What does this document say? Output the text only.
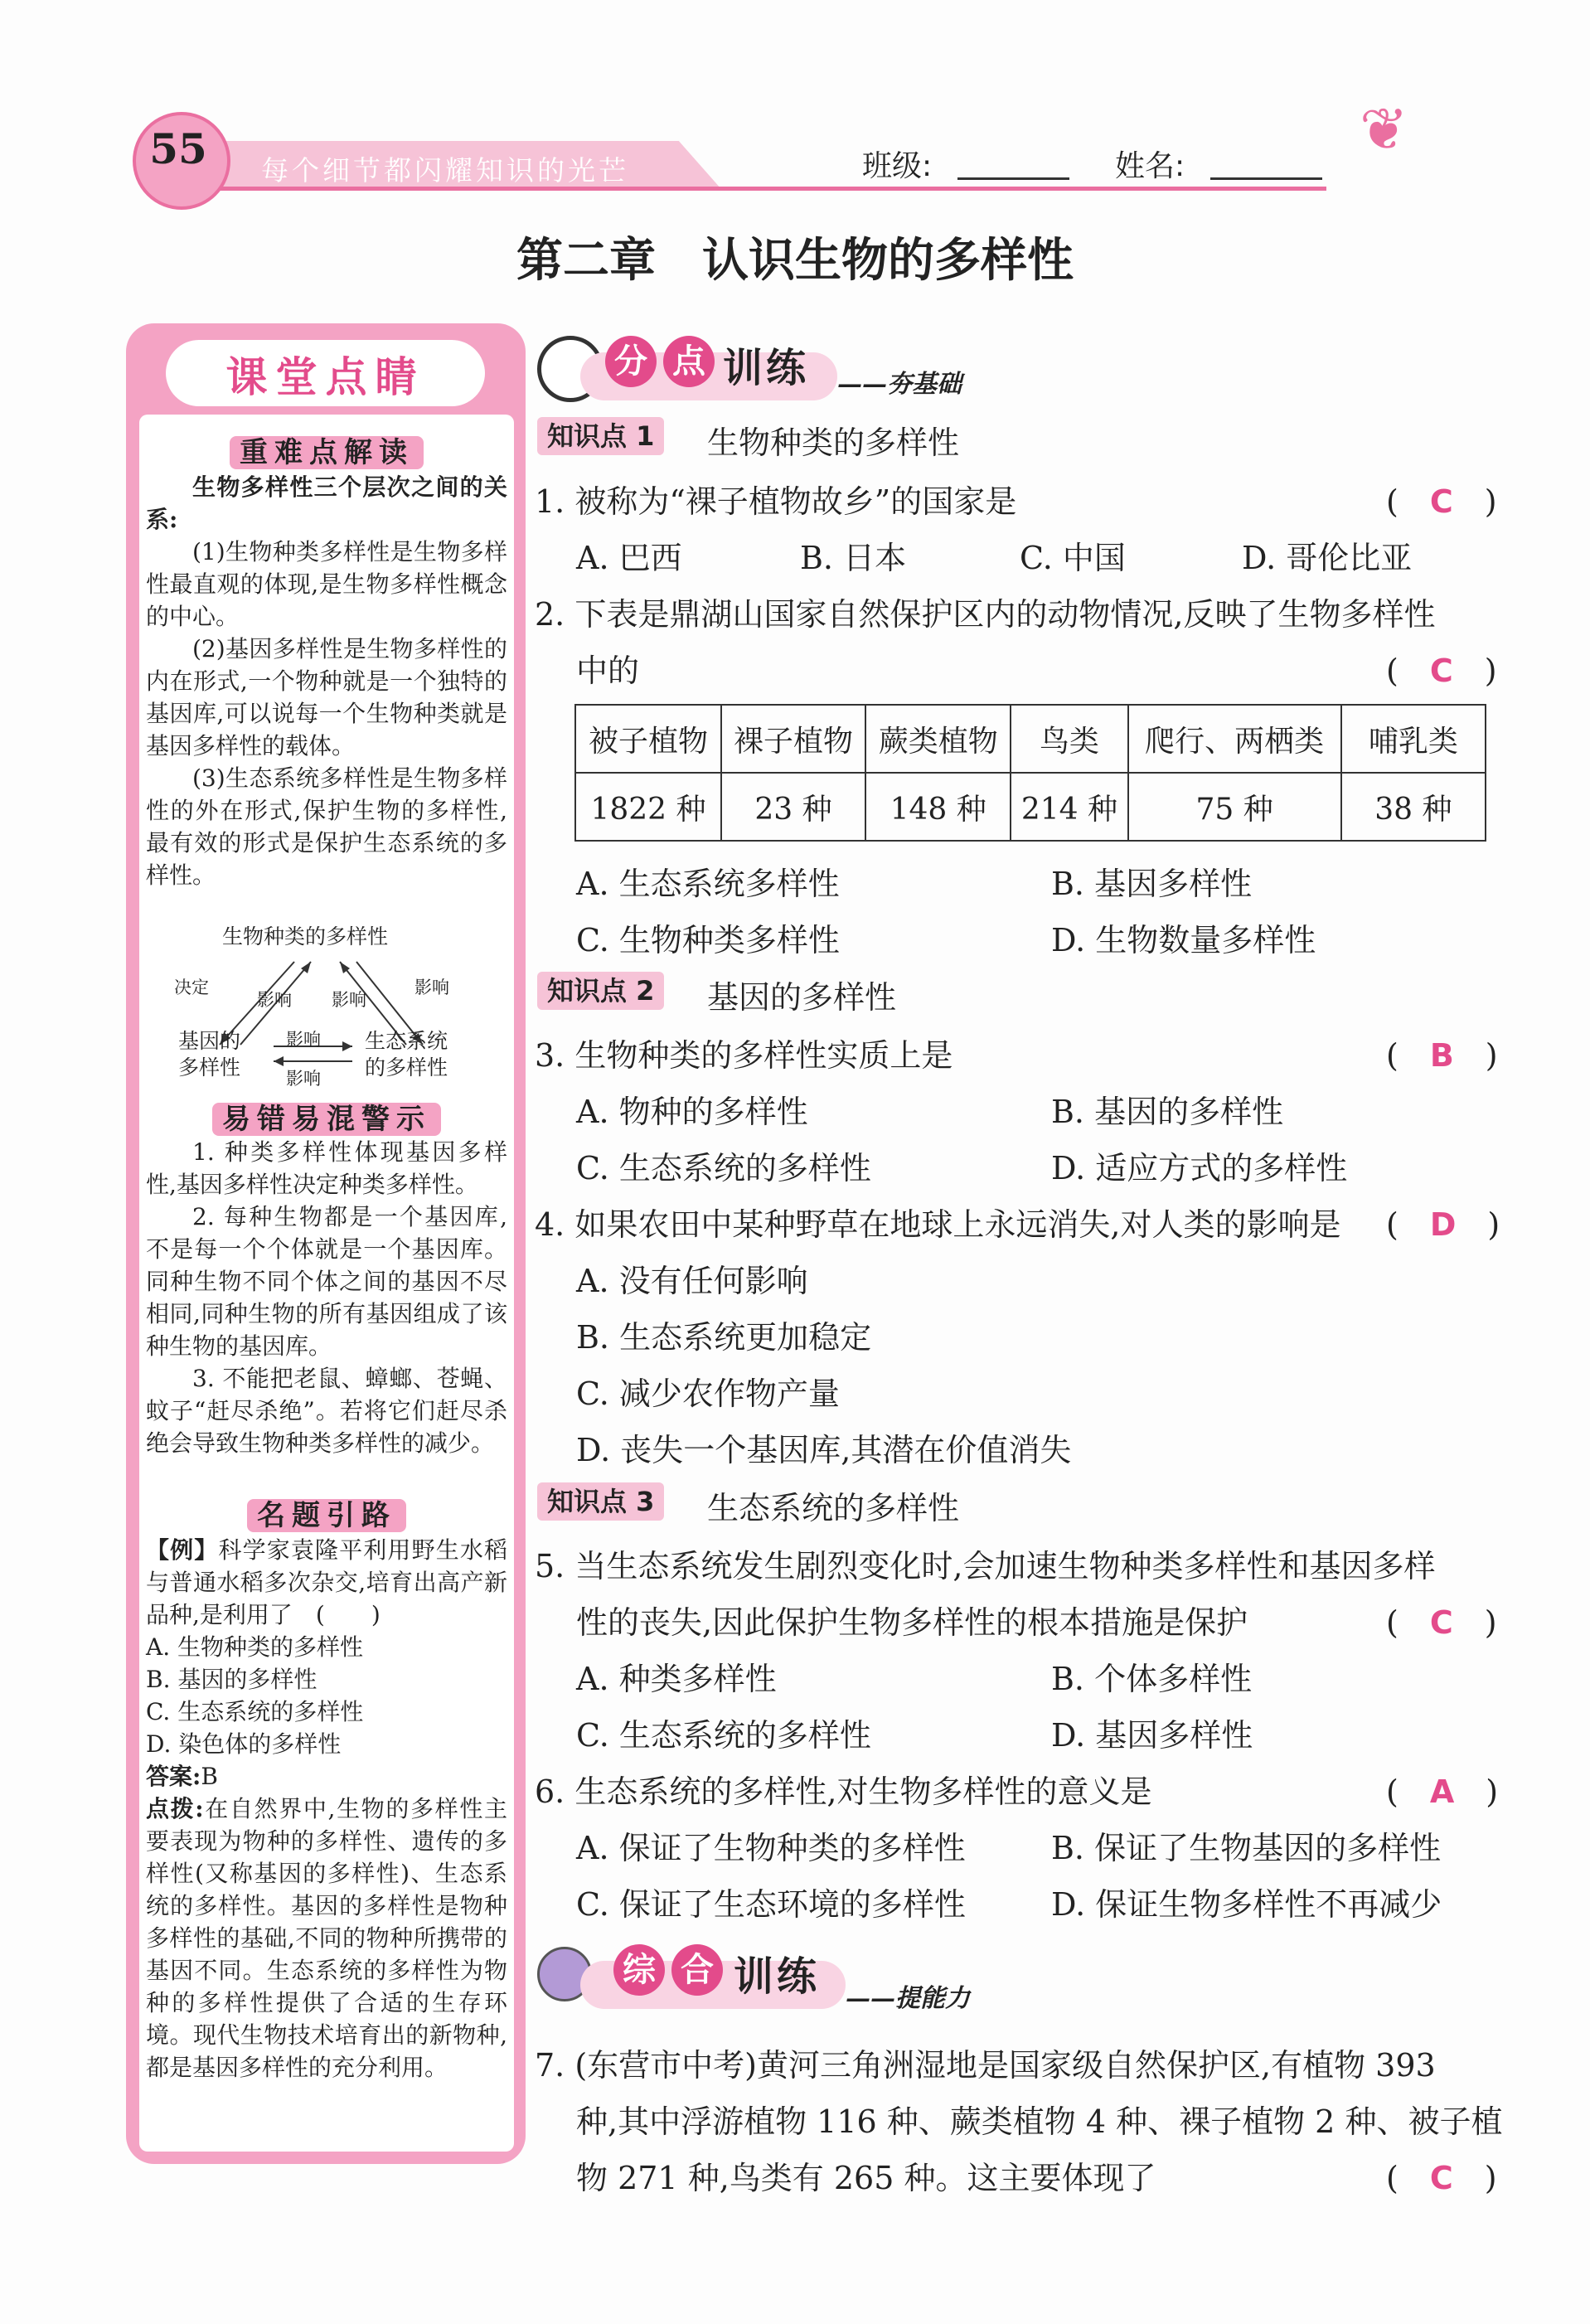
55	每个细节都闪耀知识的光芒	班级:	姓名:
❦
第二章　认识生物的多样性
课堂点睛
重难点解读

生物多样性三个层次之间的关系:

(1)生物种类多样性是生物多样性最直观的体现,是生物多样性概念的中心。

(2)基因多样性是生物多样性的内在形式,一个物种就是一个独特的基因库,可以说每一个生物种类就是基因多样性的载体。

(3)生态系统多样性是生物多样性的外在形式,保护生物的多样性,最有效的形式是保护生态系统的多样性。

生物种类的多样性
决定
影响 影响
影响
基因的
多样性
生态系统
的多样性
影响
影响
易错易混警示

1. 种类多样性体现基因多样性,基因多样性决定种类多样性。

2. 每种生物都是一个基因库,不是每一个个体就是一个基因库。同种生物不同个体之间的基因不尽相同,同种生物的所有基因组成了该种生物的基因库。

3. 不能把老鼠、蟑螂、苍蝇、蚊子“赶尽杀绝”。若将它们赶尽杀绝会导致生物种类多样性的减少。

名题引路

【例】科学家袁隆平利用野生水稻与普通水稻多次杂交,培育出高产新品种,是利用了　(　　)

A. 生物种类的多样性

B. 基因的多样性

C. 生态系统的多样性

D. 染色体的多样性

答案:B

点拨:在自然界中,生物的多样性主要表现为物种的多样性、遗传的多样性(又称基因的多样性)、生态系统的多样性。基因的多样性是物种多样性的基础,不同的物种所携带的基因不同。生态系统的多样性为物种的多样性提供了合适的生存环境。现代生物技术培育出的新物种,都是基因多样性的充分利用。

分 点 训练 ——夯基础
知识点 1	生物种类的多样性
1. 被称为“裸子植物故乡”的国家是	(　C　)
A. 巴西	B. 日本	C. 中国	D. 哥伦比亚
2. 下表是鼎湖山国家自然保护区内的动物情况,反映了生物多样性
中的	(　C　)
被子植物	裸子植物	蕨类植物	鸟类	爬行、两栖类	哺乳类
1822 种	23 种	148 种	214 种	75 种	38 种
A. 生态系统多样性	B. 基因多样性
C. 生物种类多样性	D. 生物数量多样性
知识点 2	基因的多样性
3. 生物种类的多样性实质上是	(　B　)
A. 物种的多样性	B. 基因的多样性
C. 生态系统的多样性	D. 适应方式的多样性
4. 如果农田中某种野草在地球上永远消失,对人类的影响是 (　D　)
A. 没有任何影响
B. 生态系统更加稳定
C. 减少农作物产量
D. 丧失一个基因库,其潜在价值消失
知识点 3	生态系统的多样性
5. 当生态系统发生剧烈变化时,会加速生物种类多样性和基因多样
性的丧失,因此保护生物多样性的根本措施是保护	(　C　)
A. 种类多样性	B. 个体多样性
C. 生态系统的多样性	D. 基因多样性
6. 生态系统的多样性,对生物多样性的意义是	(　A　)
A. 保证了生物种类的多样性	B. 保证了生物基因的多样性
C. 保证了生态环境的多样性	D. 保证生物多样性不再减少
综 合 训练 ——提能力
7. (东营市中考)黄河三角洲湿地是国家级自然保护区,有植物 393
种,其中浮游植物 116 种、蕨类植物 4 种、裸子植物 2 种、被子植
物 271 种,鸟类有 265 种。这主要体现了	(　C　)
